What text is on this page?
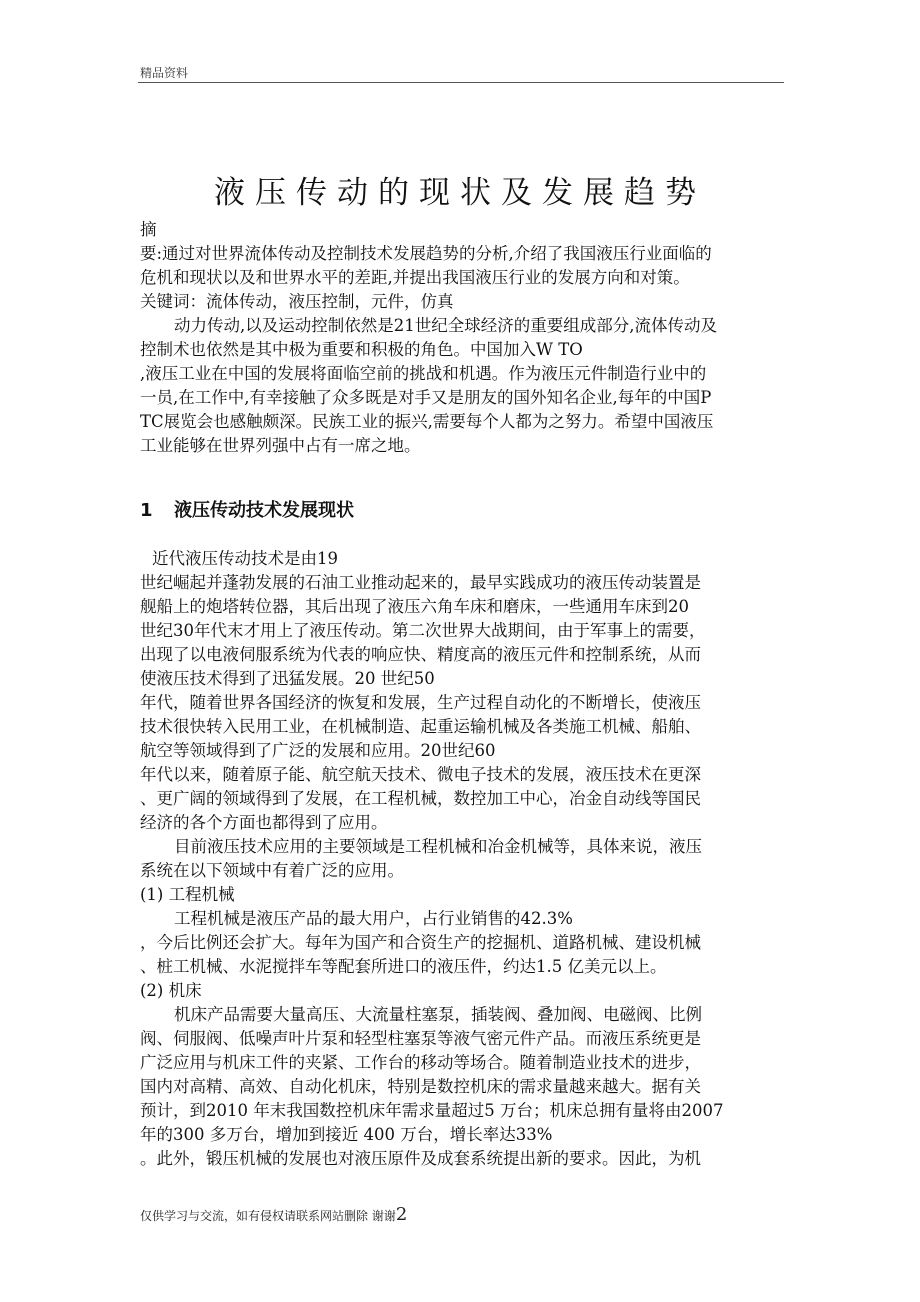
精品资料
液压传动的现状及发展趋势
摘
要:通过对世界流体传动及控制技术发展趋势的分析,介绍了我国液压行业面临的
危机和现状以及和世界水平的差距,并提出我国液压行业的发展方向和对策。
关键词：流体传动，液压控制，元件，仿真
动力传动,以及运动控制依然是21世纪全球经济的重要组成部分,流体传动及
控制术也依然是其中极为重要和积极的角色。中国加入W TO
,液压工业在中国的发展将面临空前的挑战和机遇。作为液压元件制造行业中的
一员,在工作中,有幸接触了众多既是对手又是朋友的国外知名企业,每年的中国P
TC展览会也感触颇深。民族工业的振兴,需要每个人都为之努力。希望中国液压
工业能够在世界列强中占有一席之地。
1 液压传动技术发展现状
近代液压传动技术是由19
世纪崛起并蓬勃发展的石油工业推动起来的，最早实践成功的液压传动装置是
舰船上的炮塔转位器，其后出现了液压六角车床和磨床，一些通用车床到20
世纪30年代末才用上了液压传动。第二次世界大战期间，由于军事上的需要，
出现了以电液伺服系统为代表的响应快、精度高的液压元件和控制系统，从而
使液压技术得到了迅猛发展。20 世纪50
年代，随着世界各国经济的恢复和发展，生产过程自动化的不断增长，使液压
技术很快转入民用工业，在机械制造、起重运输机械及各类施工机械、船舶、
航空等领域得到了广泛的发展和应用。20世纪60
年代以来，随着原子能、航空航天技术、微电子技术的发展，液压技术在更深
、更广阔的领域得到了发展，在工程机械，数控加工中心，冶金自动线等国民
经济的各个方面也都得到了应用。
目前液压技术应用的主要领域是工程机械和冶金机械等，具体来说，液压
系统在以下领域中有着广泛的应用。
(1) 工程机械
工程机械是液压产品的最大用户，占行业销售的42.3%
，今后比例还会扩大。每年为国产和合资生产的挖掘机、道路机械、建设机械
、桩工机械、水泥搅拌车等配套所进口的液压件，约达1.5 亿美元以上。
(2) 机床
机床产品需要大量高压、大流量柱塞泵，插装阀、叠加阀、电磁阀、比例
阀、伺服阀、低噪声叶片泵和轻型柱塞泵等液气密元件产品。而液压系统更是
广泛应用与机床工件的夹紧、工作台的移动等场合。随着制造业技术的进步，
国内对高精、高效、自动化机床，特别是数控机床的需求量越来越大。据有关
预计，到2010 年末我国数控机床年需求量超过5 万台；机床总拥有量将由2007
年的300 多万台，增加到接近 400 万台，增长率达33%
。此外，锻压机械的发展也对液压原件及成套系统提出新的要求。因此，为机
仅供学习与交流，如有侵权请联系网站删除 谢谢2
